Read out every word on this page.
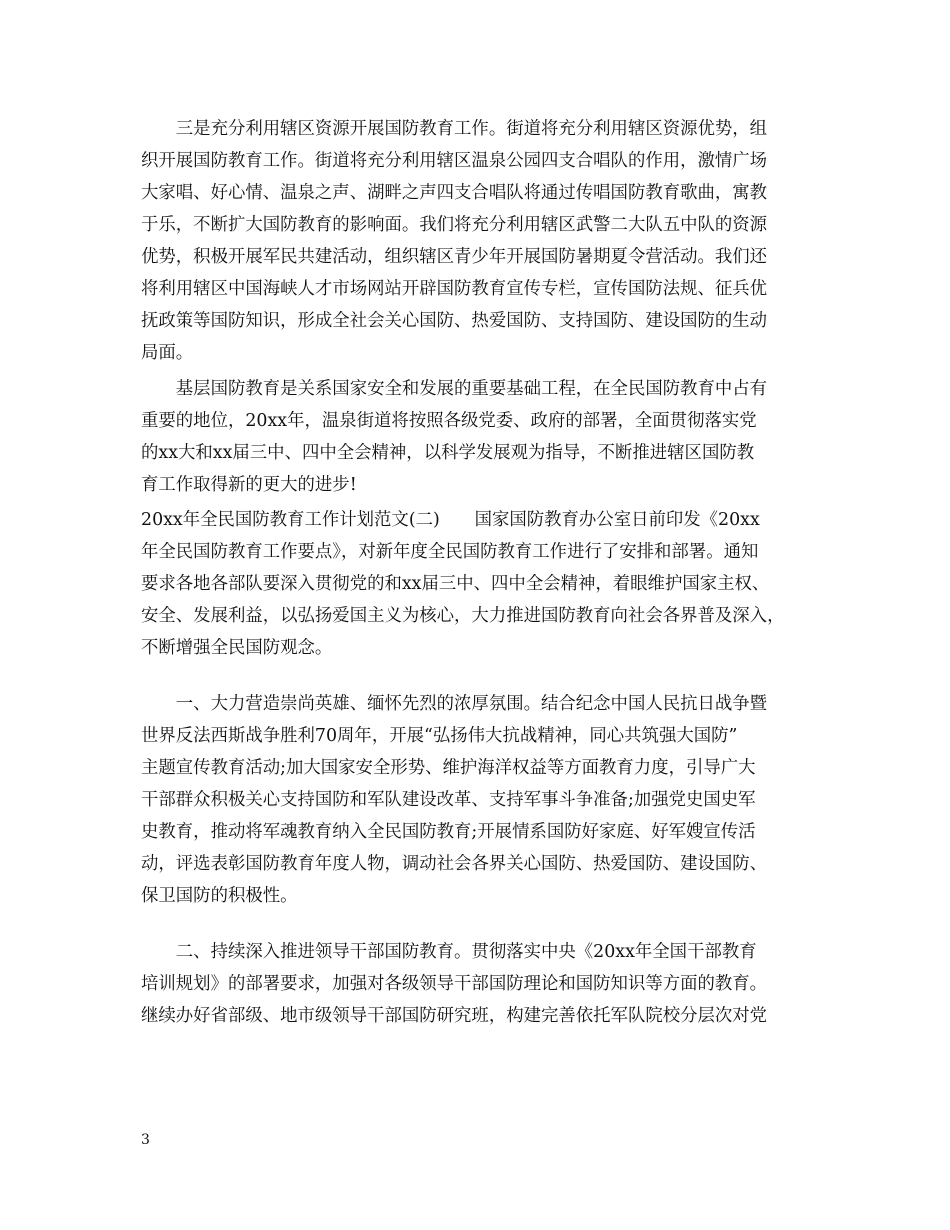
　　三是充分利用辖区资源开展国防教育工作。街道将充分利用辖区资源优势，组
织开展国防教育工作。街道将充分利用辖区温泉公园四支合唱队的作用，激情广场
大家唱、好心情、温泉之声、湖畔之声四支合唱队将通过传唱国防教育歌曲，寓教
于乐，不断扩大国防教育的影响面。我们将充分利用辖区武警二大队五中队的资源
优势，积极开展军民共建活动，组织辖区青少年开展国防暑期夏令营活动。我们还
将利用辖区中国海峡人才市场网站开辟国防教育宣传专栏，宣传国防法规、征兵优
抚政策等国防知识，形成全社会关心国防、热爱国防、支持国防、建设国防的生动
局面。
　　基层国防教育是关系国家安全和发展的重要基础工程，在全民国防教育中占有
重要的地位，20xx年，温泉街道将按照各级党委、政府的部署，全面贯彻落实党
的xx大和xx届三中、四中全会精神，以科学发展观为指导，不断推进辖区国防教
育工作取得新的更大的进步!
20xx年全民国防教育工作计划范文(二)　　国家国防教育办公室日前印发《20xx
年全民国防教育工作要点》，对新年度全民国防教育工作进行了安排和部署。通知
要求各地各部队要深入贯彻党的和xx届三中、四中全会精神，着眼维护国家主权、
安全、发展利益，以弘扬爱国主义为核心，大力推进国防教育向社会各界普及深入，
不断增强全民国防观念。
　　一、大力营造崇尚英雄、缅怀先烈的浓厚氛围。结合纪念中国人民抗日战争暨
世界反法西斯战争胜利70周年，开展“弘扬伟大抗战精神，同心共筑强大国防”
主题宣传教育活动;加大国家安全形势、维护海洋权益等方面教育力度，引导广大
干部群众积极关心支持国防和军队建设改革、支持军事斗争准备;加强党史国史军
史教育，推动将军魂教育纳入全民国防教育;开展情系国防好家庭、好军嫂宣传活
动，评选表彰国防教育年度人物，调动社会各界关心国防、热爱国防、建设国防、
保卫国防的积极性。
　　二、持续深入推进领导干部国防教育。贯彻落实中央《20xx年全国干部教育
培训规划》的部署要求，加强对各级领导干部国防理论和国防知识等方面的教育。
继续办好省部级、地市级领导干部国防研究班，构建完善依托军队院校分层次对党
3
